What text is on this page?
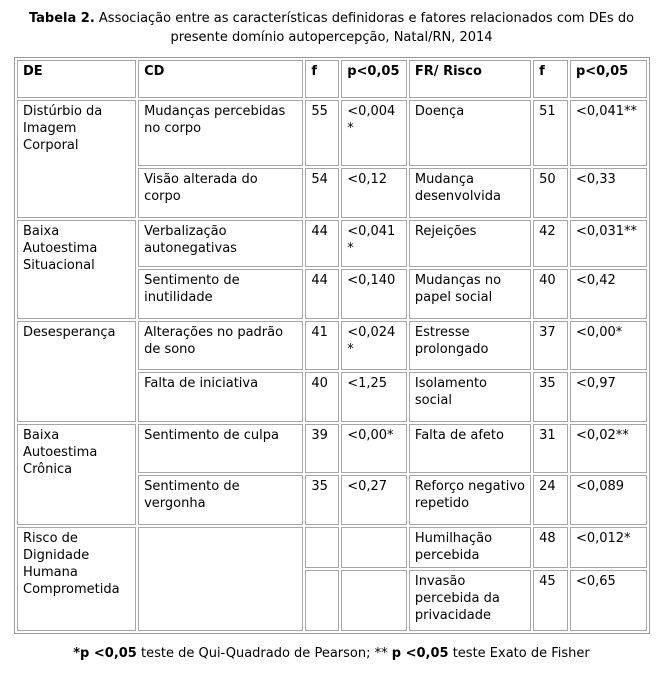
Tabela 2. Associação entre as características definidoras e fatores relacionados com DEs do presente domínio autopercepção, Natal/RN, 2014
DE	CD	f	p<0,05	FR/ Risco	f	p<0,05
Distúrbio da Imagem Corporal	Mudanças percebidas no corpo	55	<0,004*	Doença	51	<0,041**
	Visão alterada do corpo	54	<0,12	Mudança desenvolvida	50	<0,33
Baixa Autoestima Situacional	Verbalização autonegativas	44	<0,041*	Rejeições	42	<0,031**
	Sentimento de inutilidade	44	<0,140	Mudanças no papel social	40	<0,42
Desesperança	Alterações no padrão de sono	41	<0,024*	Estresse prolongado	37	<0,00*
	Falta de iniciativa	40	<1,25	Isolamento social	35	<0,97
Baixa Autoestima Crônica	Sentimento de culpa	39	<0,00*	Falta de afeto	31	<0,02**
	Sentimento de vergonha	35	<0,27	Reforço negativo repetido	24	<0,089
Risco de Dignidade Humana Comprometida				Humilhação percebida	48	<0,012*
				Invasão percebida da privacidade	45	<0,65
*p <0,05 teste de Qui-Quadrado de Pearson; ** p <0,05 teste Exato de Fisher
